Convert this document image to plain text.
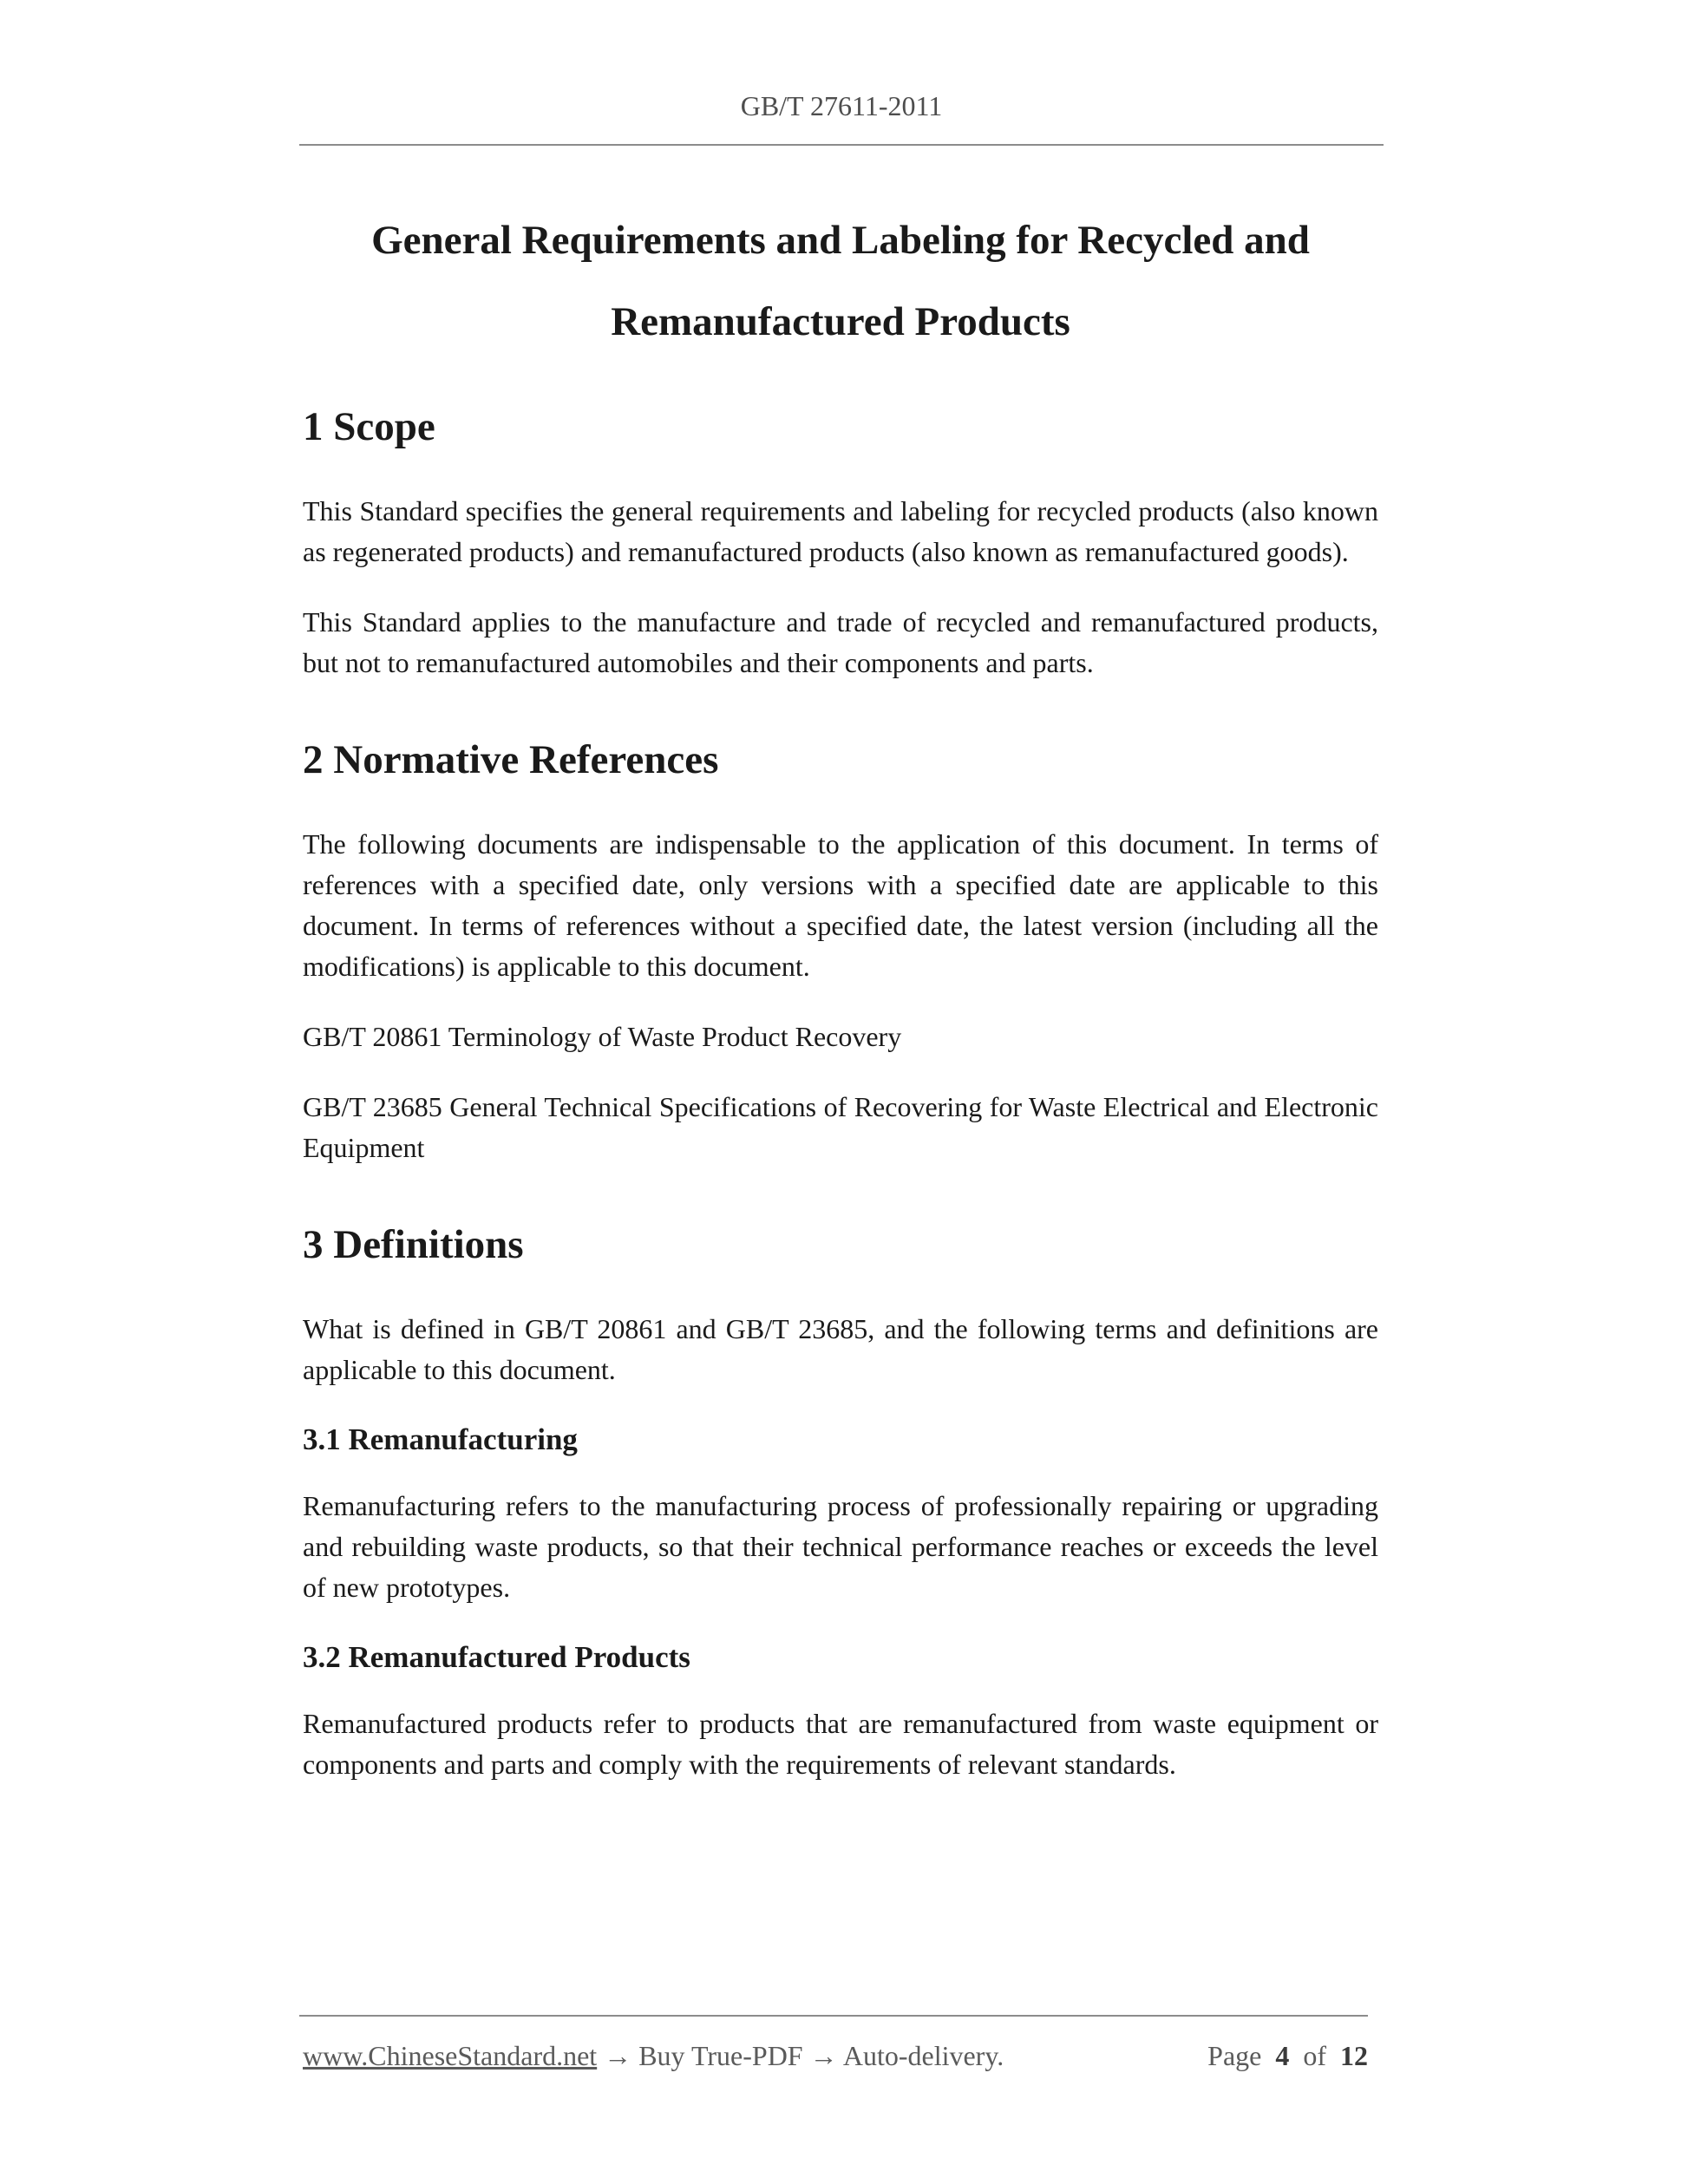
GB/T 27611-2011
General Requirements and Labeling for Recycled and
Remanufactured Products
1 Scope

This Standard specifies the general requirements and labeling for recycled products (also known as regenerated products) and remanufactured products (also known as remanufactured goods).

This Standard applies to the manufacture and trade of recycled and remanufactured products, but not to remanufactured automobiles and their components and parts.

2 Normative References

The following documents are indispensable to the application of this document. In terms of references with a specified date, only versions with a specified date are applicable to this document. In terms of references without a specified date, the latest version (including all the modifications) is applicable to this document.

GB/T 20861 Terminology of Waste Product Recovery

GB/T 23685 General Technical Specifications of Recovering for Waste Electrical and Electronic Equipment

3 Definitions

What is defined in GB/T 20861 and GB/T 23685, and the following terms and definitions are applicable to this document.

3.1 Remanufacturing

Remanufacturing refers to the manufacturing process of professionally repairing or upgrading and rebuilding waste products, so that their technical performance reaches or exceeds the level of new prototypes.

3.2 Remanufactured Products

Remanufactured products refer to products that are remanufactured from waste equipment or components and parts and comply with the requirements of relevant standards.

www.ChineseStandard.net → Buy True-PDF → Auto-delivery.	Page 4 of 12
